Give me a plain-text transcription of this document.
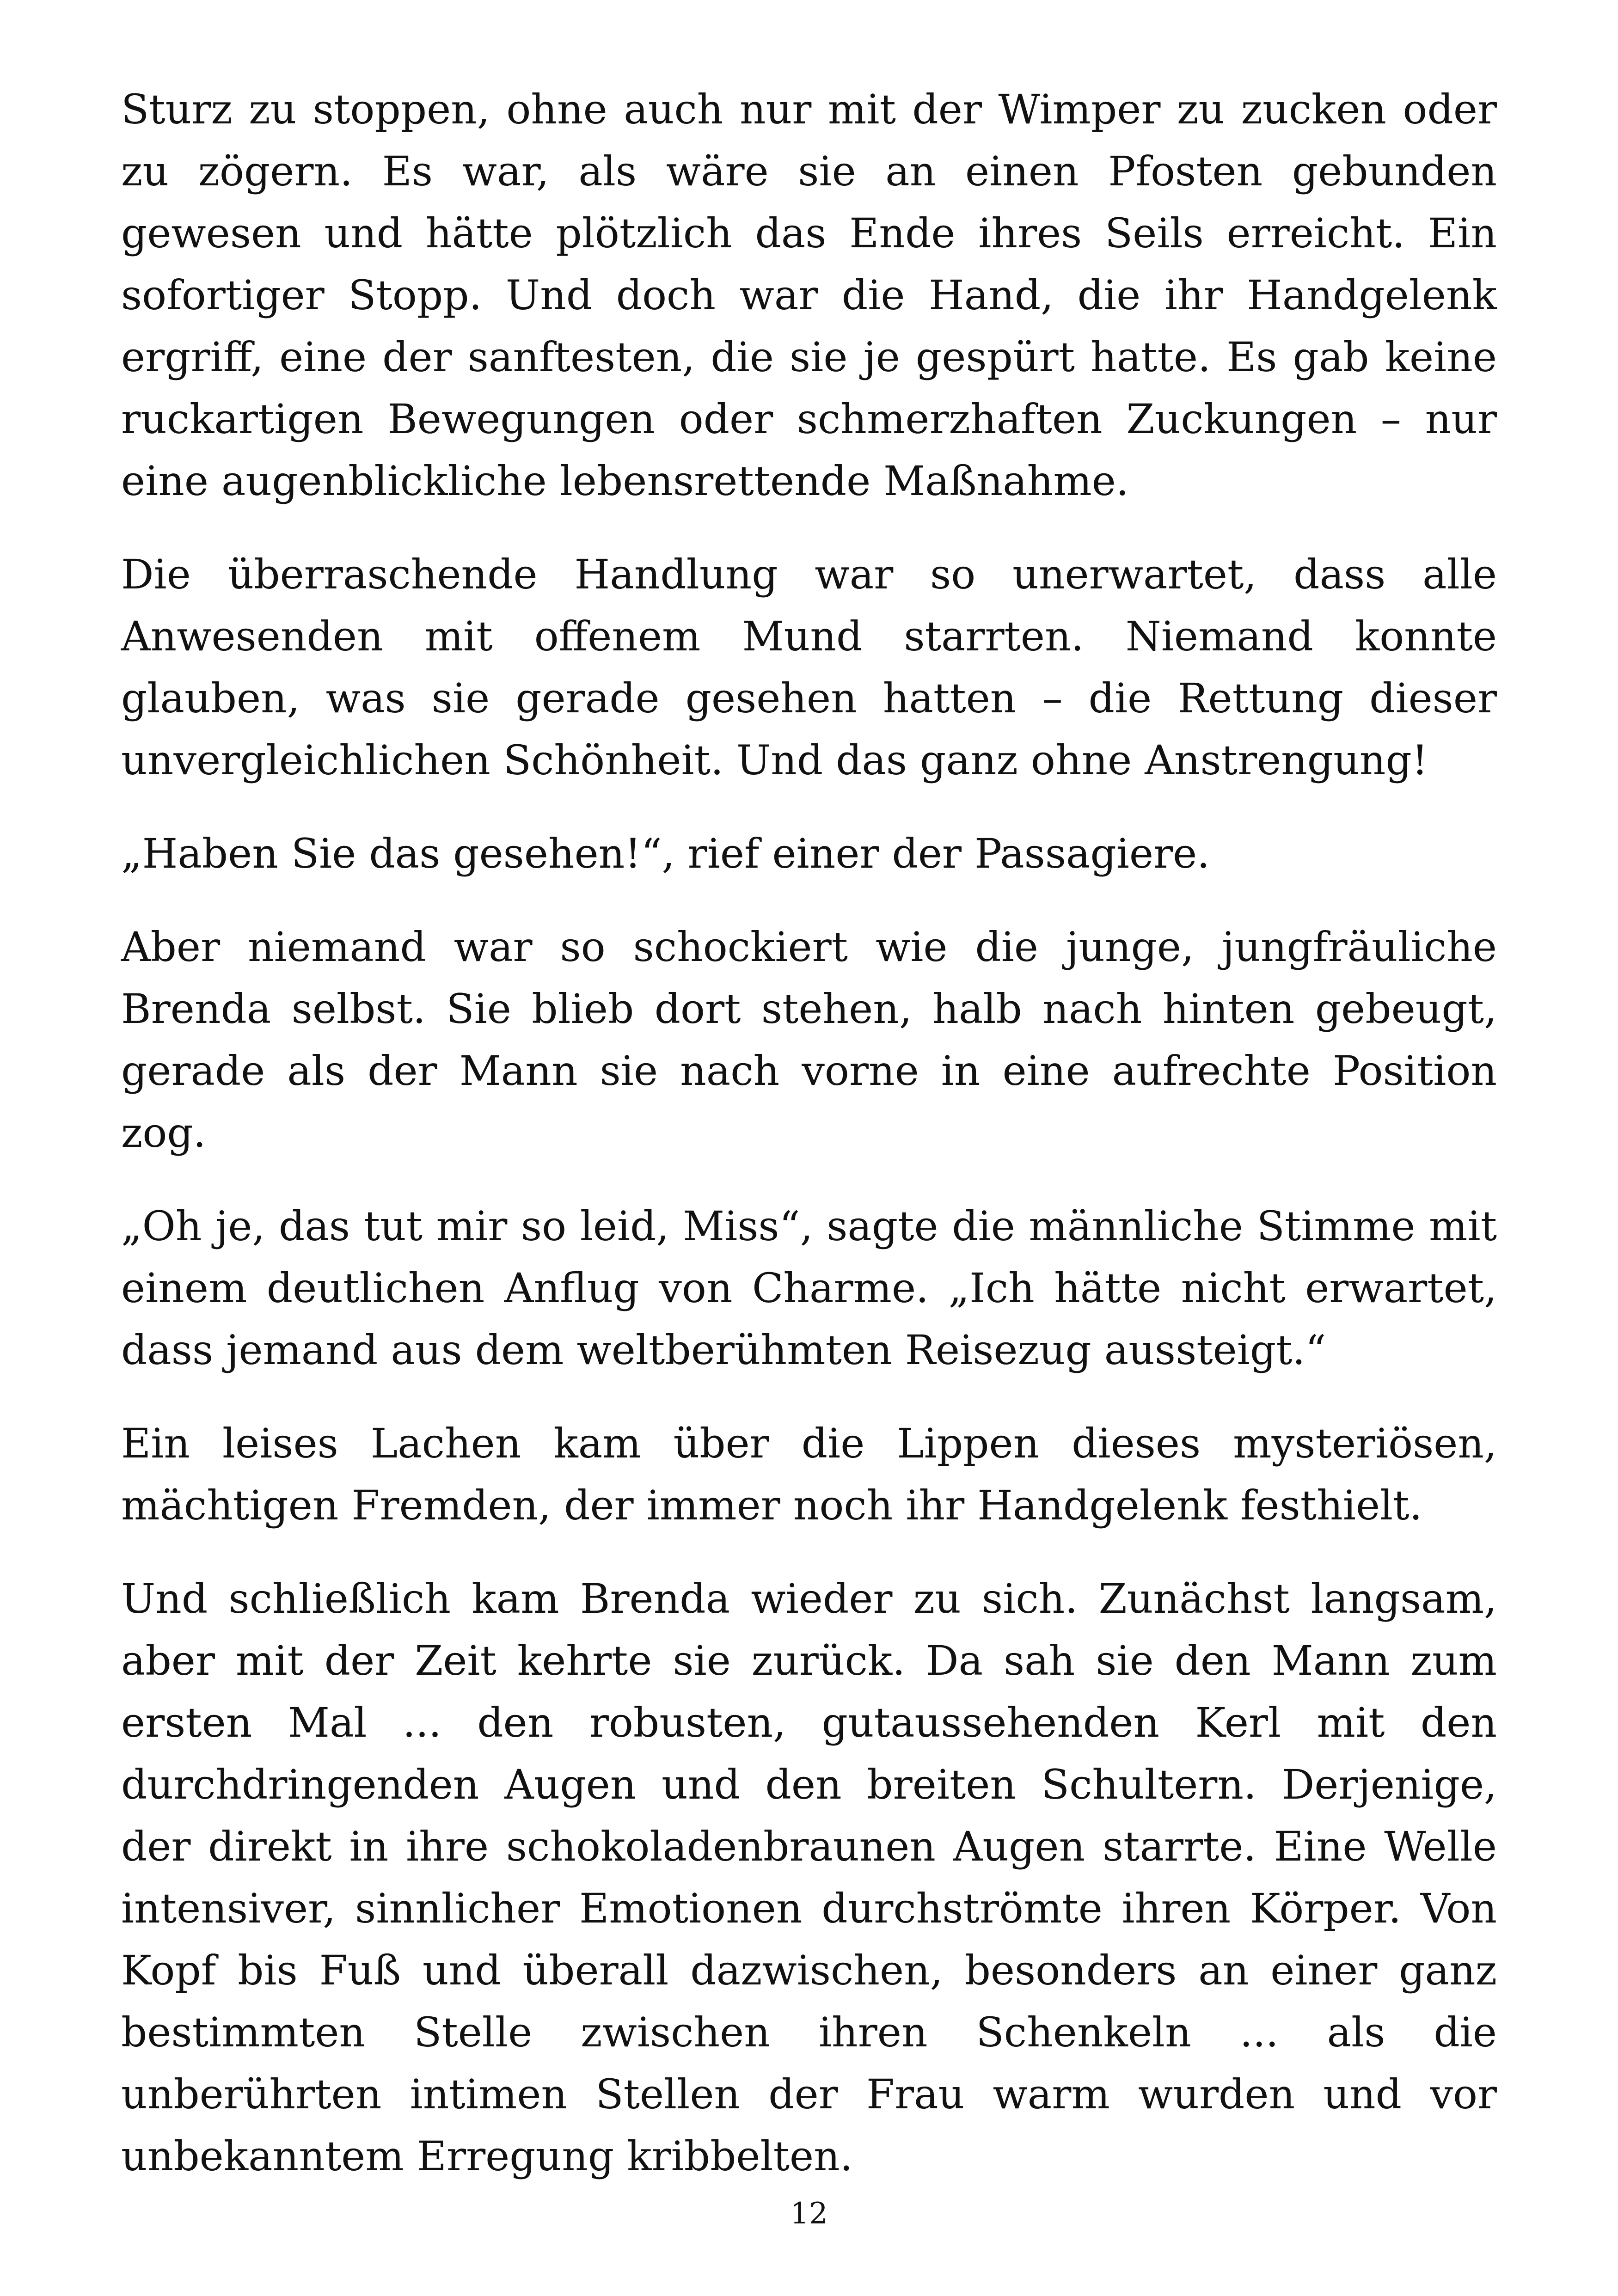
Sturz zu stoppen, ohne auch nur mit der Wimper zu zucken oder zu zögern. Es war, als wäre sie an einen Pfosten gebunden gewesen und hätte plötzlich das Ende ihres Seils erreicht. Ein sofortiger Stopp. Und doch war die Hand, die ihr Handgelenk ergriff, eine der sanftesten, die sie je gespürt hatte. Es gab keine ruckartigen Bewegungen oder schmerzhaften Zuckungen – nur eine augenblickliche lebensrettende Maßnahme.

Die überraschende Handlung war so unerwartet, dass alle Anwesenden mit offenem Mund starrten. Niemand konnte glauben, was sie gerade gesehen hatten – die Rettung dieser unvergleichlichen Schönheit. Und das ganz ohne Anstrengung!

„Haben Sie das gesehen!“, rief einer der Passagiere.

Aber niemand war so schockiert wie die junge, jungfräuliche Brenda selbst. Sie blieb dort stehen, halb nach hinten gebeugt, gerade als der Mann sie nach vorne in eine aufrechte Position zog.

„Oh je, das tut mir so leid, Miss“, sagte die männliche Stimme mit einem deutlichen Anflug von Charme. „Ich hätte nicht erwartet, dass jemand aus dem weltberühmten Reisezug aussteigt.“

Ein leises Lachen kam über die Lippen dieses mysteriösen, mächtigen Fremden, der immer noch ihr Handgelenk festhielt.

Und schließlich kam Brenda wieder zu sich. Zunächst langsam, aber mit der Zeit kehrte sie zurück. Da sah sie den Mann zum ersten Mal ... den robusten, gutaussehenden Kerl mit den durchdringenden Augen und den breiten Schultern. Derjenige, der direkt in ihre schokoladenbraunen Augen starrte. Eine Welle intensiver, sinnlicher Emotionen durchströmte ihren Körper. Von Kopf bis Fuß und überall dazwischen, besonders an einer ganz bestimmten Stelle zwischen ihren Schenkeln ... als die unberührten intimen Stellen der Frau warm wurden und vor unbekanntem Erregung kribbelten.

12
